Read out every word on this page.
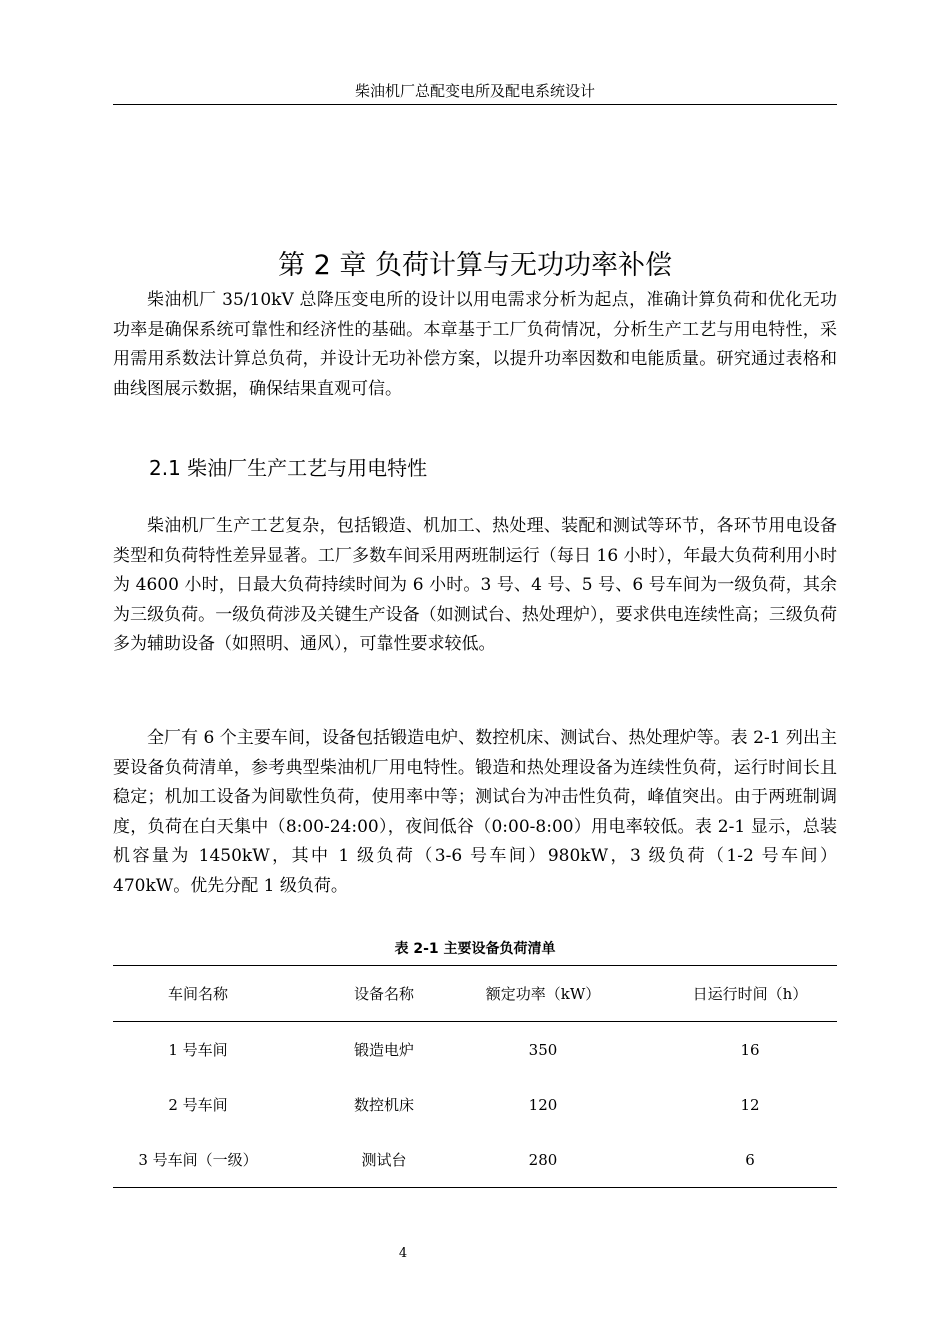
柴油机厂总配变电所及配电系统设计
第 2 章 负荷计算与无功功率补偿

柴油机厂 35/10kV 总降压变电所的设计以用电需求分析为起点，准确计算负荷和优化无功功率是确保系统可靠性和经济性的基础。本章基于工厂负荷情况，分析生产工艺与用电特性，采用需用系数法计算总负荷，并设计无功补偿方案，以提升功率因数和电能质量。研究通过表格和曲线图展示数据，确保结果直观可信。

2.1 柴油厂生产工艺与用电特性

柴油机厂生产工艺复杂，包括锻造、机加工、热处理、装配和测试等环节，各环节用电设备类型和负荷特性差异显著。工厂多数车间采用两班制运行（每日 16 小时），年最大负荷利用小时为 4600 小时，日最大负荷持续时间为 6 小时。3 号、4 号、5 号、6 号车间为一级负荷，其余为三级负荷。一级负荷涉及关键生产设备（如测试台、热处理炉），要求供电连续性高；三级负荷多为辅助设备（如照明、通风），可靠性要求较低。

全厂有 6 个主要车间，设备包括锻造电炉、数控机床、测试台、热处理炉等。表 2-1 列出主要设备负荷清单，参考典型柴油机厂用电特性。锻造和热处理设备为连续性负荷，运行时间长且稳定；机加工设备为间歇性负荷，使用率中等；测试台为冲击性负荷，峰值突出。由于两班制调度，负荷在白天集中（8:00-24:00），夜间低谷（0:00-8:00）用电率较低。表 2-1 显示，总装机容量为 1450kW，其中 1 级负荷（3-6 号车间）980kW，3 级负荷（1-2 号车间）470kW。优先分配 1 级负荷。

表 2-1 主要设备负荷清单
车间名称	设备名称	额定功率（kW）	日运行时间（h）
1 号车间	锻造电炉	350	16
2 号车间	数控机床	120	12
3 号车间（一级）	测试台	280	6
4
